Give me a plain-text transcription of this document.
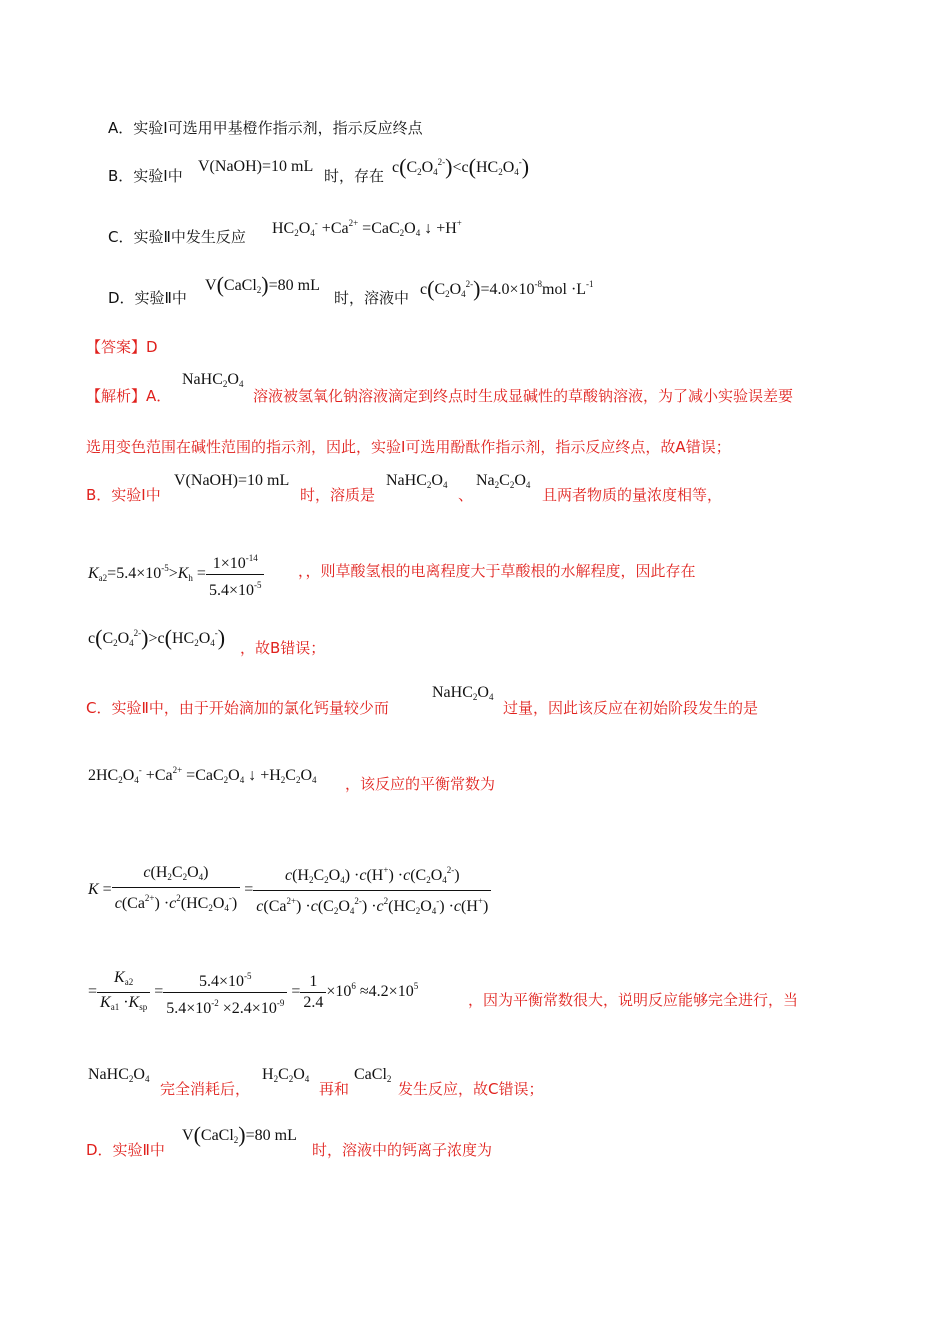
A．实验Ⅰ可选用甲基橙作指示剂，指示反应终点
B．实验Ⅰ中
V(NaOH)=10 mL
时，存在 $c(C_2O_4^{2-})<c(HC_2O_4^-)$
C．实验Ⅱ中发生反应 $HC_2O_4^- +Ca^{2+} =CaC_2O_4$ ↓ +H+
D．实验Ⅱ中
V(CaCl$_2$)=80 mL
时，溶液中 $c(C_2O_4^{2-})=4.0\times 10^{-8}mol \cdot L^{-1}$
【答案】D
【解析】A．
$NaHC_2O_4$
溶液被氢氧化钠溶液滴定到终点时生成显碱性的草酸钠溶液，为了减小实验误差要
选用变色范围在碱性范围的指示剂，因此，实验Ⅰ可选用酚酞作指示剂，指示反应终点，故A错误；
B．实验Ⅰ中
V(NaOH)=10 mL
时，溶质是
$NaHC_2O_4$
、
$Na_2C_2O_4$
且两者物质的量浓度相等，
$K_{a2}=5.4\times 10^{-5}>K_h = \frac{1\times 10^{-14}}{5.4\times 10^{-5}}$ ，，则草酸氢根的电离程度大于草酸根的水解程度，因此存在
$c(C_2O_4^{2-})>c(HC_2O_4^-)$ ，故B错误；
C．实验Ⅱ中，由于开始滴加的氯化钙量较少而
$NaHC_2O_4$
过量，因此该反应在初始阶段发生的是
$2HC_2O_4^- +Ca^{2+} =CaC_2O_4$ ↓ $+H_2C_2O_4$ ，该反应的平衡常数为
$K = \frac{c(H_2C_2O_4)}{c(Ca^{2+}) \cdot c^2(HC_2O_4^-)} = \frac{c(H_2C_2O_4) \cdot c(H^+) \cdot c(C_2O_4^{2-})}{c(Ca^{2+}) \cdot c(C_2O_4^{2-}) \cdot c^2(HC_2O_4^-) \cdot c(H^+)}$
= $\frac{K_{a2}}{K_{a1} \cdot K_{sp}} = \frac{5.4\times 10^{-5}}{5.4\times 10^{-2} \times 2.4\times 10^{-9}} = \frac{1}{2.4} \times 10^6 \approx 4.2\times 10^5$
，因为平衡常数很大，说明反应能够完全进行，当
$NaHC_2O_4$
完全消耗后，
$H_2C_2O_4$
再和
CaCl$_2$
发生反应，故C错误；
D．实验Ⅱ中
V(CaCl$_2$)=80 mL
时，溶液中的钙离子浓度为
